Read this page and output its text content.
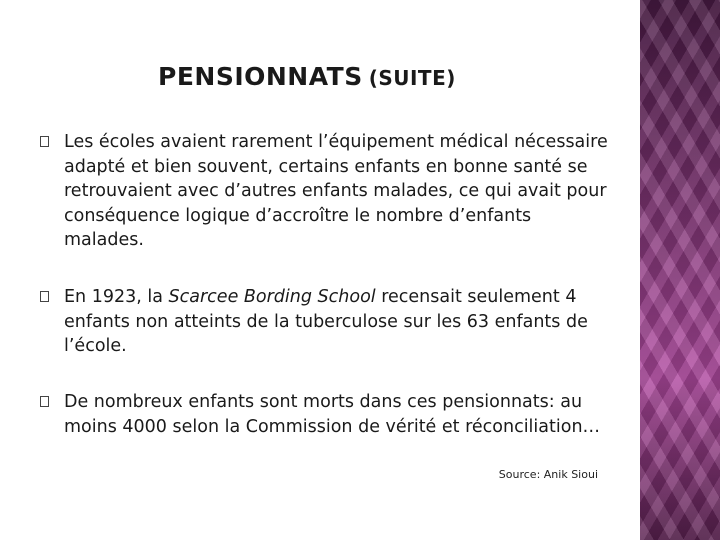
PENSIONNATS (SUITE)
Les écoles avaient rarement l’équipement médical nécessaire adapté et bien souvent, certains enfants en bonne santé se retrouvaient avec d’autres enfants malades, ce qui avait pour conséquence logique d’accroître le nombre d’enfants malades.
En 1923, la Scarcee Bording School recensait seulement 4 enfants non atteints de la tuberculose sur les 63 enfants de l’école.
De nombreux enfants sont morts dans ces pensionnats: au moins 4000 selon la Commission de vérité et réconciliation…
Source: Anik Sioui
